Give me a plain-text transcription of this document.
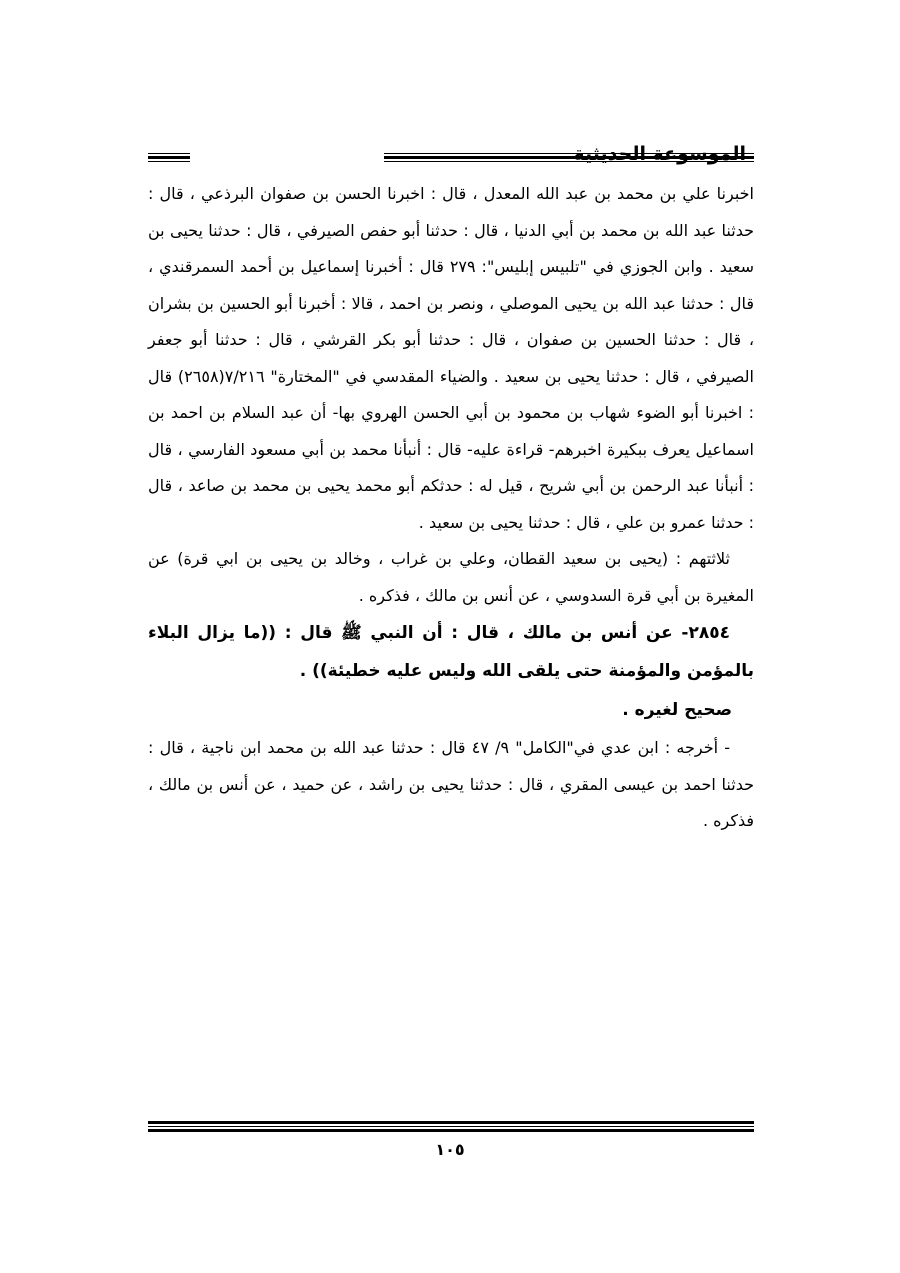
الموسوعة الحديثية

اخبرنا علي بن محمد بن عبد الله المعدل ، قال : اخبرنا الحسن بن صفوان البرذعي ، قال : حدثنا عبد الله بن محمد بن أبي الدنيا ، قال : حدثنا أبو حفص الصيرفي ، قال : حدثنا يحيى بن سعيد . وابن الجوزي في "تلبيس إبليس": ٢٧٩ قال : أخبرنا إسماعيل بن أحمد السمرقندي ، قال : حدثنا عبد الله بن يحيى الموصلي ، ونصر بن احمد ، قالا : أخبرنا أبو الحسين بن بشران ، قال : حدثنا الحسين بن صفوان ، قال : حدثنا أبو بكر القرشي ، قال : حدثنا أبو جعفر الصيرفي ، قال : حدثنا يحيى بن سعيد . والضياء المقدسي في "المختارة" ٧/٢١٦(٢٦٥٨) قال : اخبرنا أبو الضوء شهاب بن محمود بن أبي الحسن الهروي بها- أن عبد السلام بن احمد بن اسماعيل يعرف ببكيرة اخبرهم- قراءة عليه- قال : أنبأنا محمد بن أبي مسعود الفارسي ، قال : أنبأنا عبد الرحمن بن أبي شريح ، قيل له : حدثكم أبو محمد يحيى بن محمد بن صاعد ، قال : حدثنا عمرو بن علي ، قال : حدثنا يحيى بن سعيد .

ثلاثتهم : (يحيى بن سعيد القطان، وعلي بن غراب ، وخالد بن يحيى بن ابي قرة) عن المغيرة بن أبي قرة السدوسي ، عن أنس بن مالك ، فذكره .

٢٨٥٤- عن أنس بن مالك ، قال : أن النبي ﷺ قال : ((ما يزال البلاء بالمؤمن والمؤمنة حتى يلقى الله وليس عليه خطيئة)) .

صحيح لغيره .

- أخرجه : ابن عدي في"الكامل" ٩/ ٤٧ قال : حدثنا عبد الله بن محمد ابن ناجية ، قال : حدثنا احمد بن عيسى المقري ، قال : حدثنا يحيى بن راشد ، عن حميد ، عن أنس بن مالك ، فذكره .

١٠٥
